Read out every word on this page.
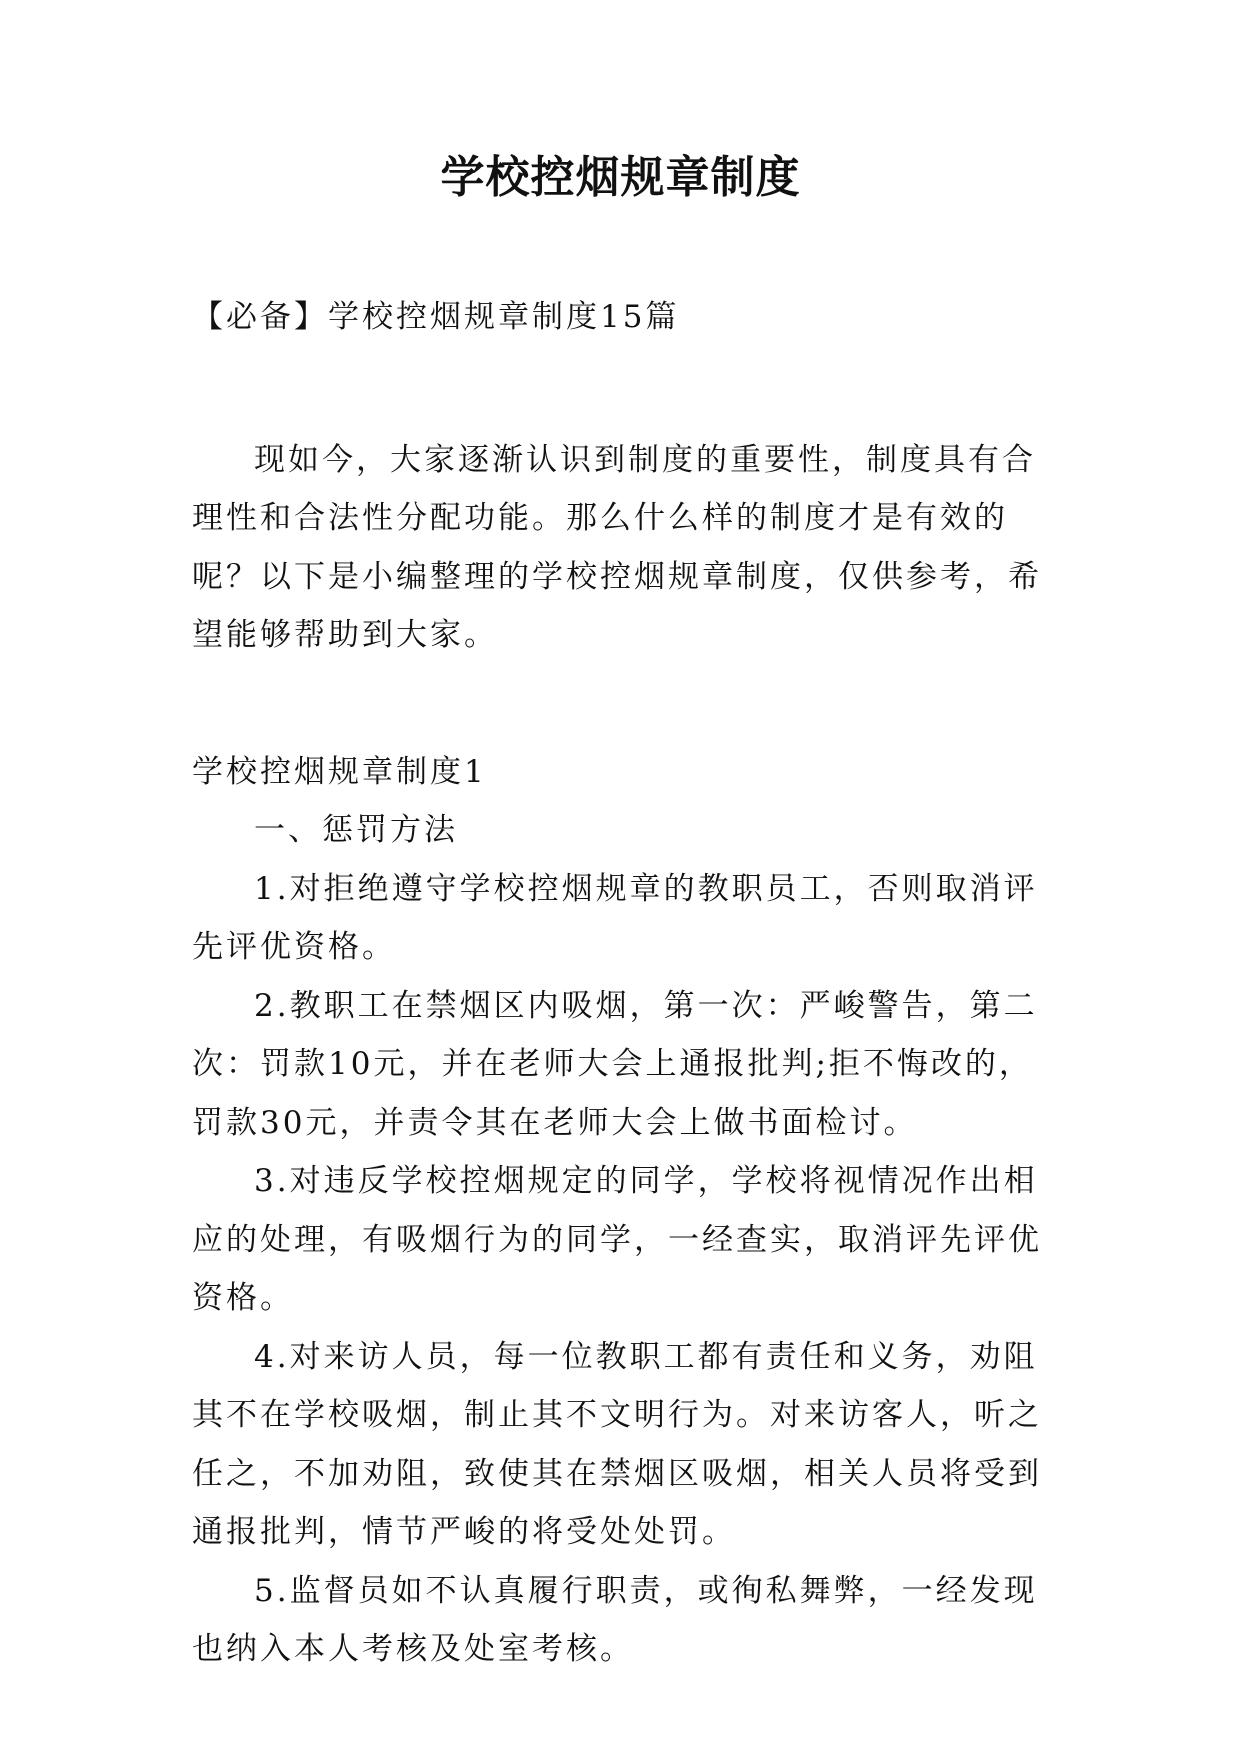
学校控烟规章制度

【必备】学校控烟规章制度15篇

现如今，大家逐渐认识到制度的重要性，制度具有合理性和合法性分配功能。那么什么样的制度才是有效的呢？以下是小编整理的学校控烟规章制度，仅供参考，希望能够帮助到大家。

学校控烟规章制度1

一、惩罚方法

1.对拒绝遵守学校控烟规章的教职员工，否则取消评先评优资格。

2.教职工在禁烟区内吸烟，第一次：严峻警告，第二次：罚款10元，并在老师大会上通报批判;拒不悔改的，罚款30元，并责令其在老师大会上做书面检讨。

3.对违反学校控烟规定的同学，学校将视情况作出相应的处理，有吸烟行为的同学，一经查实，取消评先评优资格。

4.对来访人员，每一位教职工都有责任和义务，劝阻其不在学校吸烟，制止其不文明行为。对来访客人，听之任之，不加劝阻，致使其在禁烟区吸烟，相关人员将受到通报批判，情节严峻的将受处处罚。

5.监督员如不认真履行职责，或徇私舞弊，一经发现也纳入本人考核及处室考核。
